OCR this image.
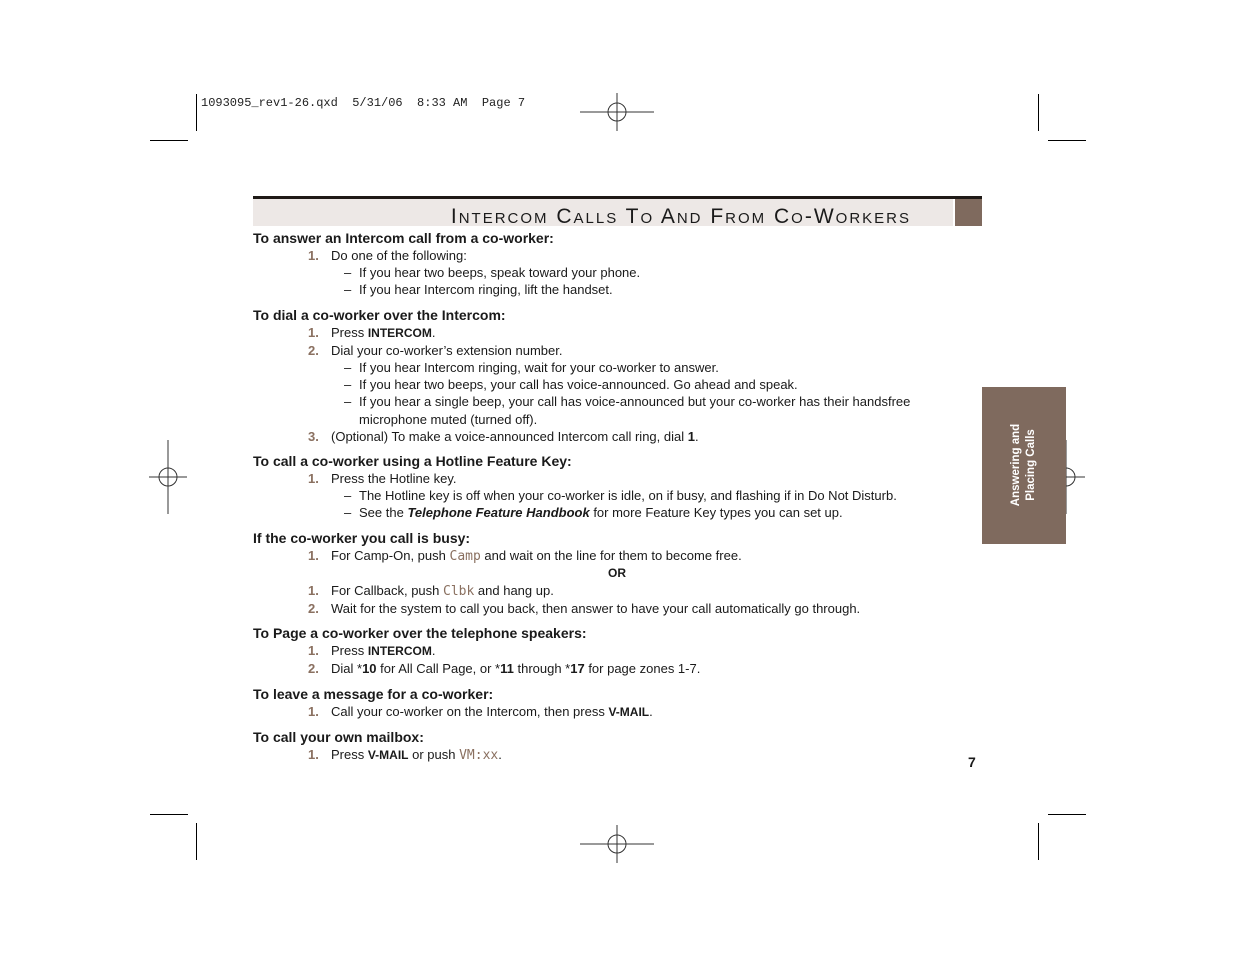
1093095_rev1-26.qxd  5/31/06  8:33 AM  Page 7
Intercom Calls To And From Co-Workers
Answering and Placing Calls
To answer an Intercom call from a co-worker:
1. Do one of the following:
– If you hear two beeps, speak toward your phone.
– If you hear Intercom ringing, lift the handset.
To dial a co-worker over the Intercom:
1. Press INTERCOM.
2. Dial your co-worker’s extension number.
– If you hear Intercom ringing, wait for your co-worker to answer.
– If you hear two beeps, your call has voice-announced. Go ahead and speak.
– If you hear a single beep, your call has voice-announced but your co-worker has their handsfree
microphone muted (turned off).
3. (Optional) To make a voice-announced Intercom call ring, dial 1.
To call a co-worker using a Hotline Feature Key:
1. Press the Hotline key.
– The Hotline key is off when your co-worker is idle, on if busy, and flashing if in Do Not Disturb.
– See the Telephone Feature Handbook for more Feature Key types you can set up.
If the co-worker you call is busy:
1. For Camp-On, push Camp and wait on the line for them to become free.
OR
1. For Callback, push Clbk and hang up.
2. Wait for the system to call you back, then answer to have your call automatically go through.
To Page a co-worker over the telephone speakers:
1. Press INTERCOM.
2. Dial *10 for All Call Page, or *11 through *17 for page zones 1-7.
To leave a message for a co-worker:
1. Call your co-worker on the Intercom, then press V-MAIL.
To call your own mailbox:
1. Press V-MAIL or push VM:xx.	7
